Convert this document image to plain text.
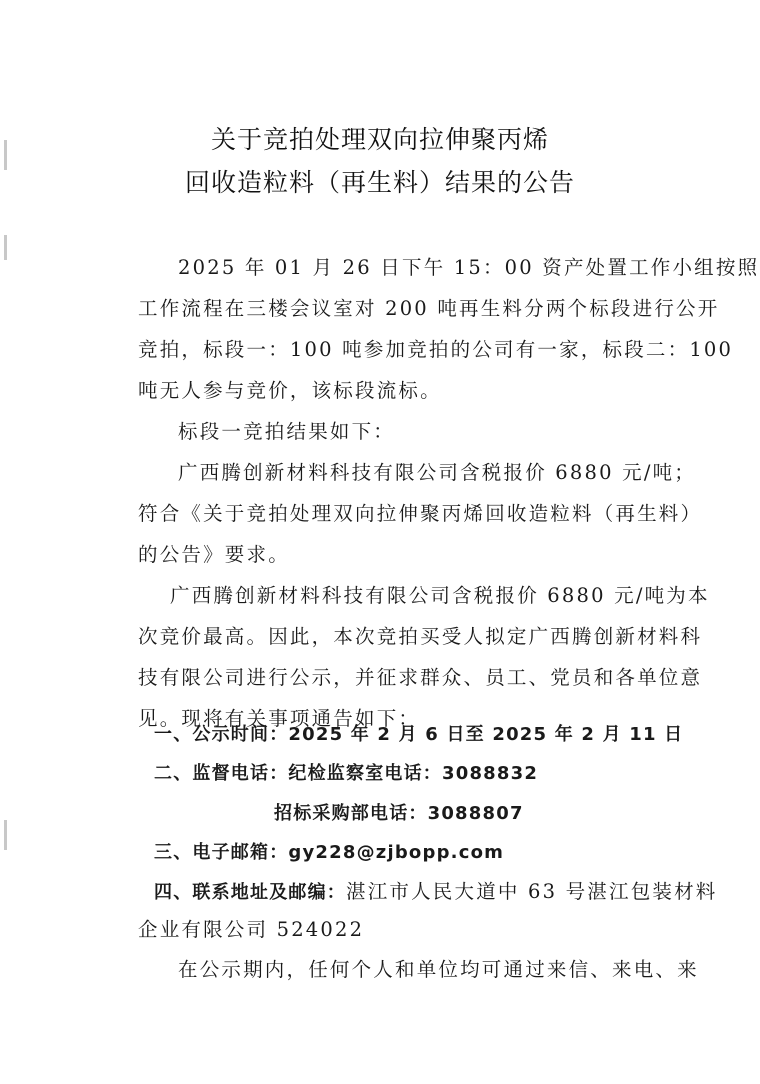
关于竞拍处理双向拉伸聚丙烯
回收造粒料（再生料）结果的公告
2025 年 01 月 26 日下午 15：00 资产处置工作小组按照
工作流程在三楼会议室对 200 吨再生料分两个标段进行公开
竞拍，标段一：100 吨参加竞拍的公司有一家，标段二：100
吨无人参与竞价，该标段流标。
标段一竞拍结果如下：
广西腾创新材料科技有限公司含税报价 6880 元/吨；
符合《关于竞拍处理双向拉伸聚丙烯回收造粒料（再生料）
的公告》要求。
广西腾创新材料科技有限公司含税报价 6880 元/吨为本
次竞价最高。因此，本次竞拍买受人拟定广西腾创新材料科
技有限公司进行公示，并征求群众、员工、党员和各单位意
见。现将有关事项通告如下：
一、公示时间：2025 年 2 月 6 日至 2025 年 2 月 11 日
二、监督电话：纪检监察室电话：3088832
招标采购部电话：3088807
三、电子邮箱：gy228@zjbopp.com
四、联系地址及邮编：湛江市人民大道中 63 号湛江包装材料
企业有限公司 524022
在公示期内，任何个人和单位均可通过来信、来电、来
